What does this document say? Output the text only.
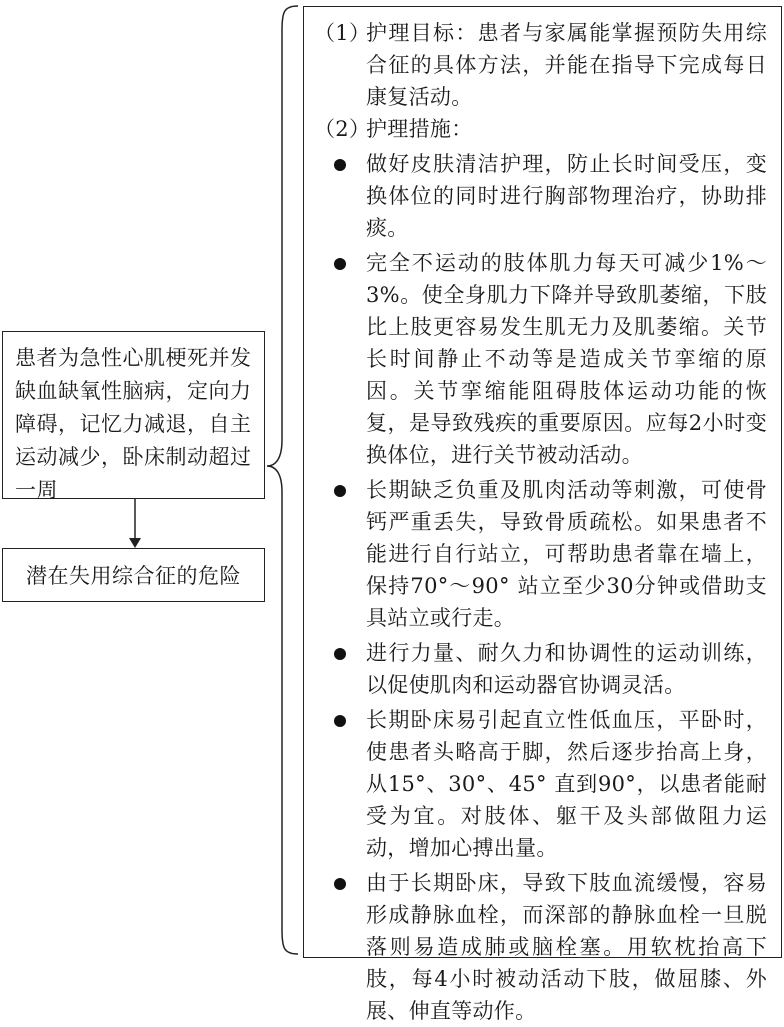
患者为急性心肌梗死并发缺血缺氧性脑病，定向力障碍，记忆力减退，自主运动减少，卧床制动超过一周
潜在失用综合征的危险
（1）
护理目标：患者与家属能掌握预防失用综合征的具体方法，并能在指导下完成每日康复活动。
（2）
护理措施：
做好皮肤清洁护理，防止长时间受压，变换体位的同时进行胸部物理治疗，协助排痰。
完全不运动的肢体肌力每天可减少1%～3%。使全身肌力下降并导致肌萎缩，下肢比上肢更容易发生肌无力及肌萎缩。关节长时间静止不动等是造成关节挛缩的原因。关节挛缩能阻碍肢体运动功能的恢复，是导致残疾的重要原因。应每2小时变换体位，进行关节被动活动。
长期缺乏负重及肌肉活动等刺激，可使骨钙严重丢失，导致骨质疏松。如果患者不能进行自行站立，可帮助患者靠在墙上，保持70°～90° 站立至少30分钟或借助支具站立或行走。
进行力量、耐久力和协调性的运动训练，以促使肌肉和运动器官协调灵活。
长期卧床易引起直立性低血压，平卧时，使患者头略高于脚，然后逐步抬高上身，从15°、30°、45° 直到90°，以患者能耐受为宜。对肢体、躯干及头部做阻力运动，增加心搏出量。
由于长期卧床，导致下肢血流缓慢，容易形成静脉血栓，而深部的静脉血栓一旦脱落则易造成肺或脑栓塞。用软枕抬高下肢，每4小时被动活动下肢，做屈膝、外展、伸直等动作。
